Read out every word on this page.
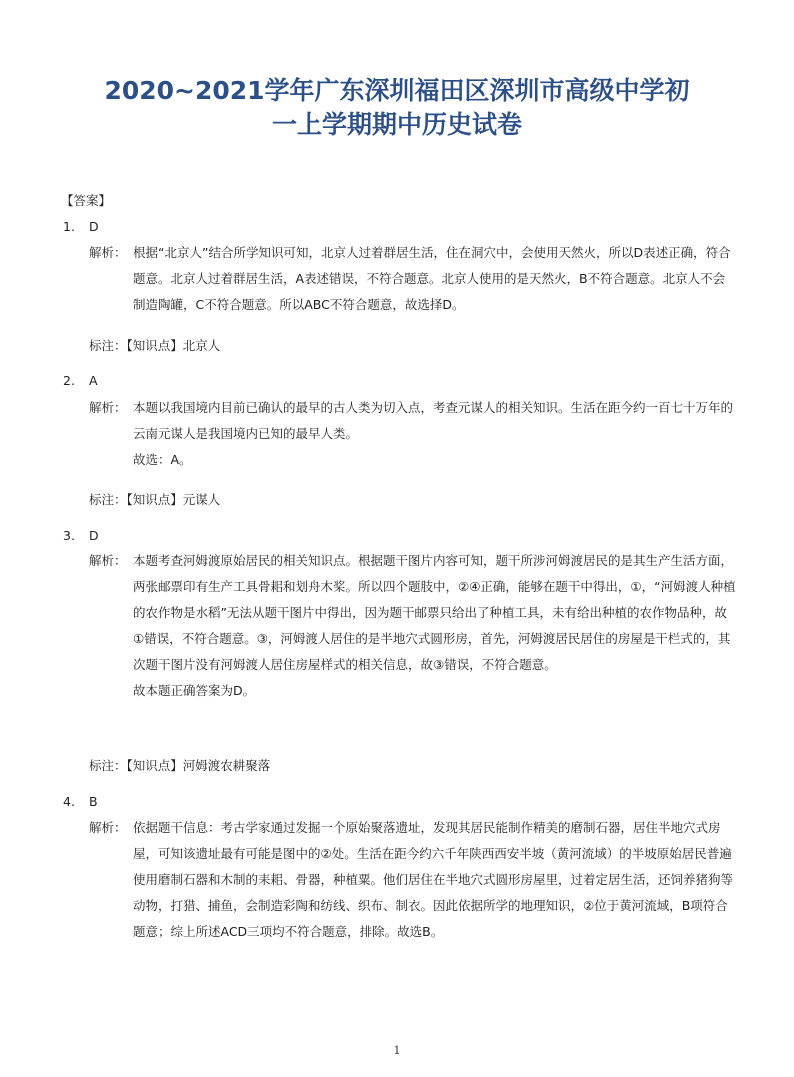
2020~2021学年广东深圳福田区深圳市高级中学初
一上学期期中历史试卷
【答案】
1. D
解析： 根据“北京人”结合所学知识可知，北京人过着群居生活，住在洞穴中，会使用天然火，所以D表述正确，符合题意。北京人过着群居生活，A表述错误，不符合题意。北京人使用的是天然火，B不符合题意。北京人不会制造陶罐，C不符合题意。所以ABC不符合题意，故选择D。

标注：【知识点】北京人
2. A
解析： 本题以我国境内目前已确认的最早的古人类为切入点，考查元谋人的相关知识。生活在距今约一百七十万年的云南元谋人是我国境内已知的最早人类。

故选：A。

标注：【知识点】元谋人
3. D
解析： 本题考查河姆渡原始居民的相关知识点。根据题干图片内容可知，题干所涉河姆渡居民的是其生产生活方面，两张邮票印有生产工具骨耜和划舟木桨。所以四个题肢中，②④正确，能够在题干中得出，①，“河姆渡人种植的农作物是水稻”无法从题干图片中得出，因为题干邮票只给出了种植工具，未有给出种植的农作物品种，故①错误，不符合题意。③，河姆渡人居住的是半地穴式圆形房，首先，河姆渡居民居住的房屋是干栏式的，其次题干图片没有河姆渡人居住房屋样式的相关信息，故③错误，不符合题意。

故本题正确答案为D。

标注：【知识点】河姆渡农耕聚落
4. B
解析： 依据题干信息：考古学家通过发掘一个原始聚落遗址，发现其居民能制作精美的磨制石器，居住半地穴式房屋，可知该遗址最有可能是图中的②处。生活在距今约六千年陕西西安半坡（黄河流域）的半坡原始居民普遍使用磨制石器和木制的耒耜、骨器，种植粟。他们居住在半地穴式圆形房屋里，过着定居生活，还饲养猪狗等动物，打猎、捕鱼，会制造彩陶和纺线、织布、制衣。因此依据所学的地理知识，②位于黄河流域，B项符合题意；综上所述ACD三项均不符合题意，排除。故选B。

1
